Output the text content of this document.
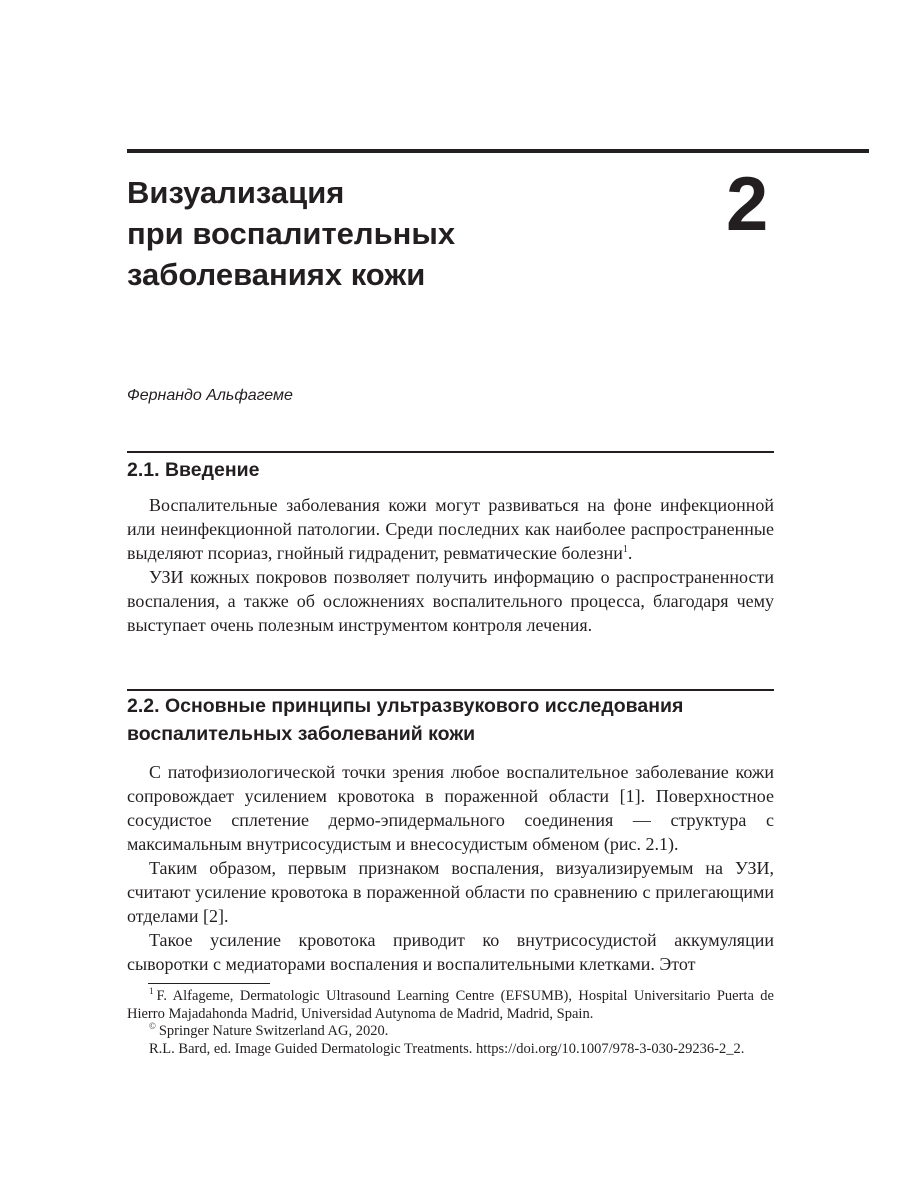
Визуализация
при воспалительных
заболеваниях кожи
2
Фернандо Альфагеме
2.1. Введение

Воспалительные заболевания кожи могут развиваться на фоне инфекционной или неинфекционной патологии. Среди последних как наиболее распространенные выделяют псориаз, гнойный гидраденит, ревматические болезни$^1$.

УЗИ кожных покровов позволяет получить информацию о распространенности воспаления, а также об осложнениях воспалительного процесса, благодаря чему выступает очень полезным инструментом контроля лечения.

2.2. Основные принципы ультразвукового исследования
воспалительных заболеваний кожи

С патофизиологической точки зрения любое воспалительное заболевание кожи сопровождает усилением кровотока в пораженной области [1]. Поверхностное сосудистое сплетение дермо-эпидермального соединения — структура с максимальным внутрисосудистым и внесосудистым обменом (рис. 2.1).

Таким образом, первым признаком воспаления, визуализируемым на УЗИ, считают усиление кровотока в пораженной области по сравнению с прилегающими отделами [2].

Такое усиление кровотока приводит ко внутрисосудистой аккумуляции сыворотки с медиаторами воспаления и воспалительными клетками. Этот

$^1$ F. Alfageme, Dermatologic Ultrasound Learning Centre (EFSUMB), Hospital Universitario Puerta de Hierro Majadahonda Madrid, Universidad Autynoma de Madrid, Madrid, Spain.

© Springer Nature Switzerland AG, 2020.

R.L. Bard, ed. Image Guided Dermatologic Treatments. https://doi.org/10.1007/978-3-030-29236-2_2.
